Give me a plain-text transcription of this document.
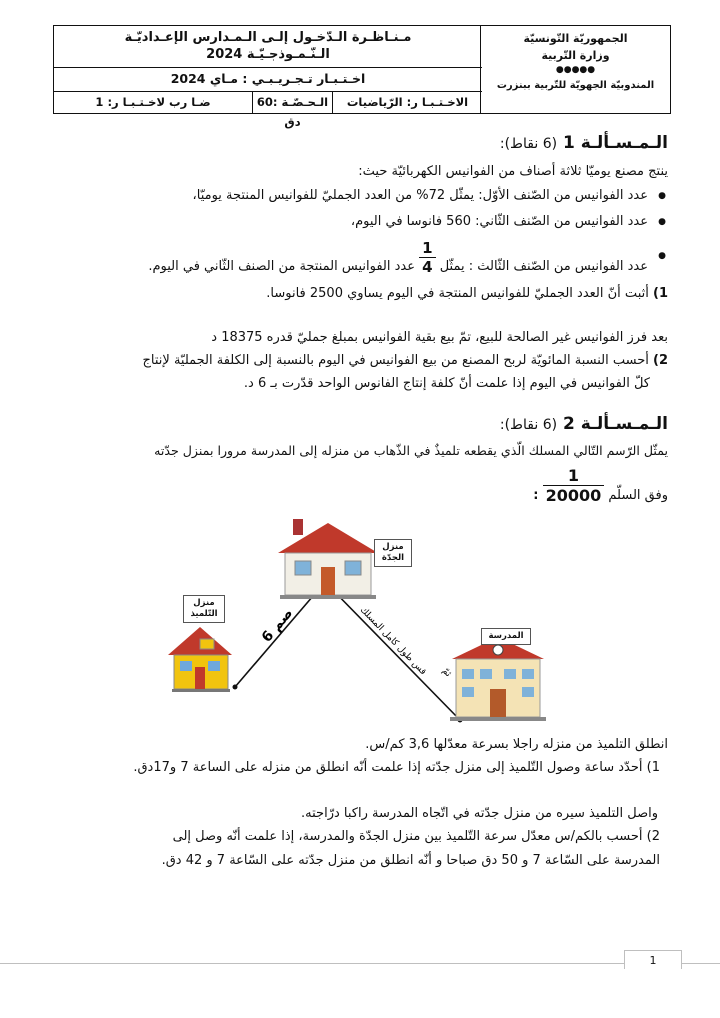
الجمهوريّة التّونسيّة
وزارة التّربية
●●●●●
المندوبيّة الجهويّة للتّربية ببنزرت
مـنـاظـرة الـدّخـول إلـى الـمـدارس الإعـداديّـة
الـنّـمـوذجـيّـة 2024
اخـتـبـار تـجـريـبـي : مـاي 2024
الاخـتـبـا ر: الرّياضيات
الـحـصّـة :60 دق
ضـا رب لاخـتـبـا ر: 1
الـمـسـألـة 1 (6 نقاط):
ينتج مصنع يوميّا ثلاثة أصناف من الفوانيس الكهربائيّة حيث:
● عدد الفوانيس من الصّنف الأوّل: يمثّل 72% من العدد الجمليّ للفوانيس المنتجة يوميّا،
● عدد الفوانيس من الصّنف الثّاني: 560 فانوسا في اليوم،
● عدد الفوانيس من الصّنف الثّالث : يمثّل
$\frac{1}{4}$
عدد الفوانيس المنتجة من الصنف الثّاني في اليوم.
1) أثبت أنّ العدد الجمليّ للفوانيس المنتجة في اليوم يساوي 2500 فانوسا.
بعد فرز الفوانيس غير الصالحة للبيع، تمّ بيع بقية الفوانيس بمبلغ جمليّ قدره 18375 د
2) أحسب النسبة المائويّة لربح المصنع من بيع الفوانيس في اليوم بالنسبة إلى الكلفة الجمليّة لإنتاج
كلّ الفوانيس في اليوم إذا علمت أنّ كلفة إنتاج الفانوس الواحد قدّرت بـ 6 د.
الـمـسـألـة 2 (6 نقاط):
يمثّل الرّسم التّالي المسلك الّذي يقطعه تلميذٌ في الذّهاب من منزله إلى المدرسة مرورا بمنزل جدّته
وفق السلّم
$\frac{1}{20000}$
:
6 صم	قس طول كامل المسلك ثمّ
منزل الجدّة
منزل التّلميذ
المدرسة
انطلق التلميذ من منزله راجلا بسرعة معدّلها 3,6 كم/س.
1) أحدّد ساعة وصول التّلميذ إلى منزل جدّته إذا علمت أنّه انطلق من منزله على الساعة 7 و17دق.
واصل التلميذ سيره من منزل جدّته في اتّجاه المدرسة راكبا درّاجته.
2) أحسب بالكم/س معدّل سرعة التّلميذ بين منزل الجدّة والمدرسة، إذا علمت أنّه وصل إلى
المدرسة على السّاعة 7 و 50 دق صباحا و أنّه انطلق من منزل جدّته على السّاعة 7 و 42 دق.
1
